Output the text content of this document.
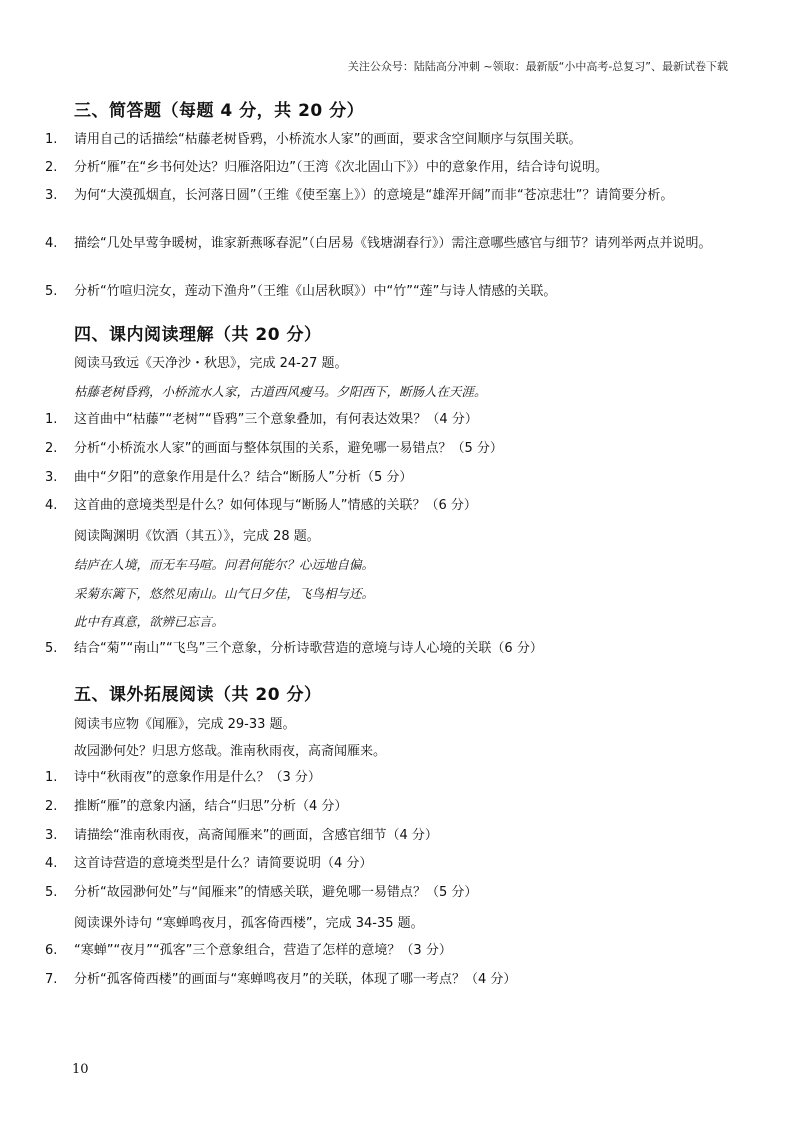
关注公众号：陆陆高分冲刺 ~领取：最新版“小中高考-总复习”、最新试卷下载
三、简答题（每题 4 分，共 20 分）
1.	请用自己的话描绘“枯藤老树昏鸦，小桥流水人家”的画面，要求含空间顺序与氛围关联。
2.	分析“雁”在“乡书何处达？归雁洛阳边”（王湾《次北固山下》）中的意象作用，结合诗句说明。
3.	为何“大漠孤烟直，长河落日圆”（王维《使至塞上》）的意境是“雄浑开阔”而非“苍凉悲壮”？请简要分析。
4.	描绘“几处早莺争暖树，谁家新燕啄春泥”（白居易《钱塘湖春行》）需注意哪些感官与细节？请列举两点并说明。
5.	分析“竹喧归浣女，莲动下渔舟”（王维《山居秋暝》）中“竹”“莲”与诗人情感的关联。
四、课内阅读理解（共 20 分）
阅读马致远《天净沙・秋思》，完成 24-27 题。
枯藤老树昏鸦，小桥流水人家，古道西风瘦马。夕阳西下，断肠人在天涯。
1.	这首曲中“枯藤”“老树”“昏鸦”三个意象叠加，有何表达效果？（4 分）
2.	分析“小桥流水人家”的画面与整体氛围的关系，避免哪一易错点？（5 分）
3.	曲中“夕阳”的意象作用是什么？结合“断肠人”分析（5 分）
4.	这首曲的意境类型是什么？如何体现与“断肠人”情感的关联？（6 分）
阅读陶渊明《饮酒（其五）》，完成 28 题。
结庐在人境，而无车马喧。问君何能尔？心远地自偏。
采菊东篱下，悠然见南山。山气日夕佳，飞鸟相与还。
此中有真意，欲辨已忘言。
5.	结合“菊”“南山”“飞鸟”三个意象，分析诗歌营造的意境与诗人心境的关联（6 分）
五、课外拓展阅读（共 20 分）
阅读韦应物《闻雁》，完成 29-33 题。
故园渺何处？归思方悠哉。淮南秋雨夜，高斋闻雁来。
1.	诗中“秋雨夜”的意象作用是什么？（3 分）
2.	推断“雁”的意象内涵，结合“归思”分析（4 分）
3.	请描绘“淮南秋雨夜，高斋闻雁来”的画面，含感官细节（4 分）
4.	这首诗营造的意境类型是什么？请简要说明（4 分）
5.	分析“故园渺何处”与“闻雁来”的情感关联，避免哪一易错点？（5 分）
阅读课外诗句 “寒蝉鸣夜月，孤客倚西楼”，完成 34-35 题。
6.	“寒蝉”“夜月”“孤客”三个意象组合，营造了怎样的意境？（3 分）
7.	分析“孤客倚西楼”的画面与“寒蝉鸣夜月”的关联，体现了哪一考点？（4 分）
10
